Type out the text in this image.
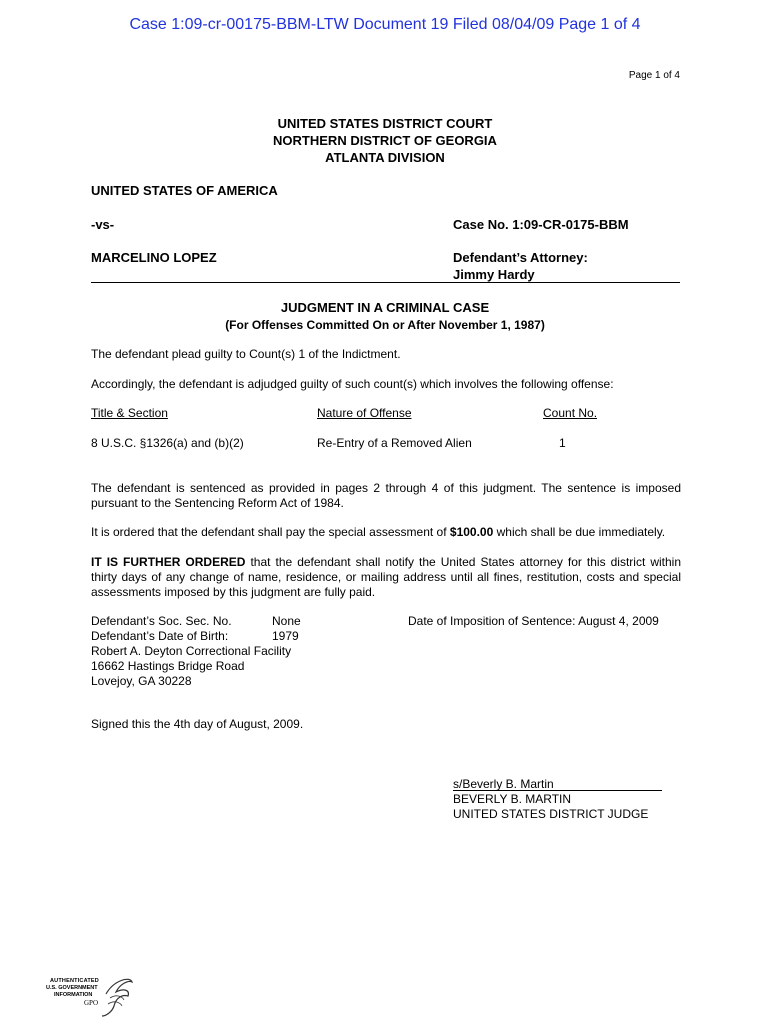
Case 1:09-cr-00175-BBM-LTW Document 19 Filed 08/04/09 Page 1 of 4
Page 1 of 4
UNITED STATES DISTRICT COURT
NORTHERN DISTRICT OF GEORGIA
ATLANTA DIVISION
UNITED STATES OF AMERICA
-vs-	Case No. 1:09-CR-0175-BBM
MARCELINO LOPEZ	Defendant’s Attorney:
Jimmy Hardy
JUDGMENT IN A CRIMINAL CASE
(For Offenses Committed On or After November 1, 1987)
The defendant plead guilty to Count(s) 1 of the Indictment.
Accordingly, the defendant is adjudged guilty of such count(s) which involves the following offense:
Title & Section	Nature of Offense	Count No.
8 U.S.C. §1326(a) and (b)(2)	Re-Entry of a Removed Alien	1
The defendant is sentenced as provided in pages 2 through 4 of this judgment. The sentence is imposed pursuant to the Sentencing Reform Act of 1984.
It is ordered that the defendant shall pay the special assessment of $100.00 which shall be due immediately.
IT IS FURTHER ORDERED that the defendant shall notify the United States attorney for this district within thirty days of any change of name, residence, or mailing address until all fines, restitution, costs and special assessments imposed by this judgment are fully paid.
Defendant’s Soc. Sec. No.	None	Date of Imposition of Sentence: August 4, 2009
Defendant’s Date of Birth:	1979
Robert A. Deyton Correctional Facility
16662 Hastings Bridge Road
Lovejoy, GA 30228
Signed this the 4th day of August, 2009.
s/Beverly B. Martin
BEVERLY B. MARTIN
UNITED STATES DISTRICT JUDGE
AUTHENTICATED
U.S. GOVERNMENT
INFORMATION
GPO
